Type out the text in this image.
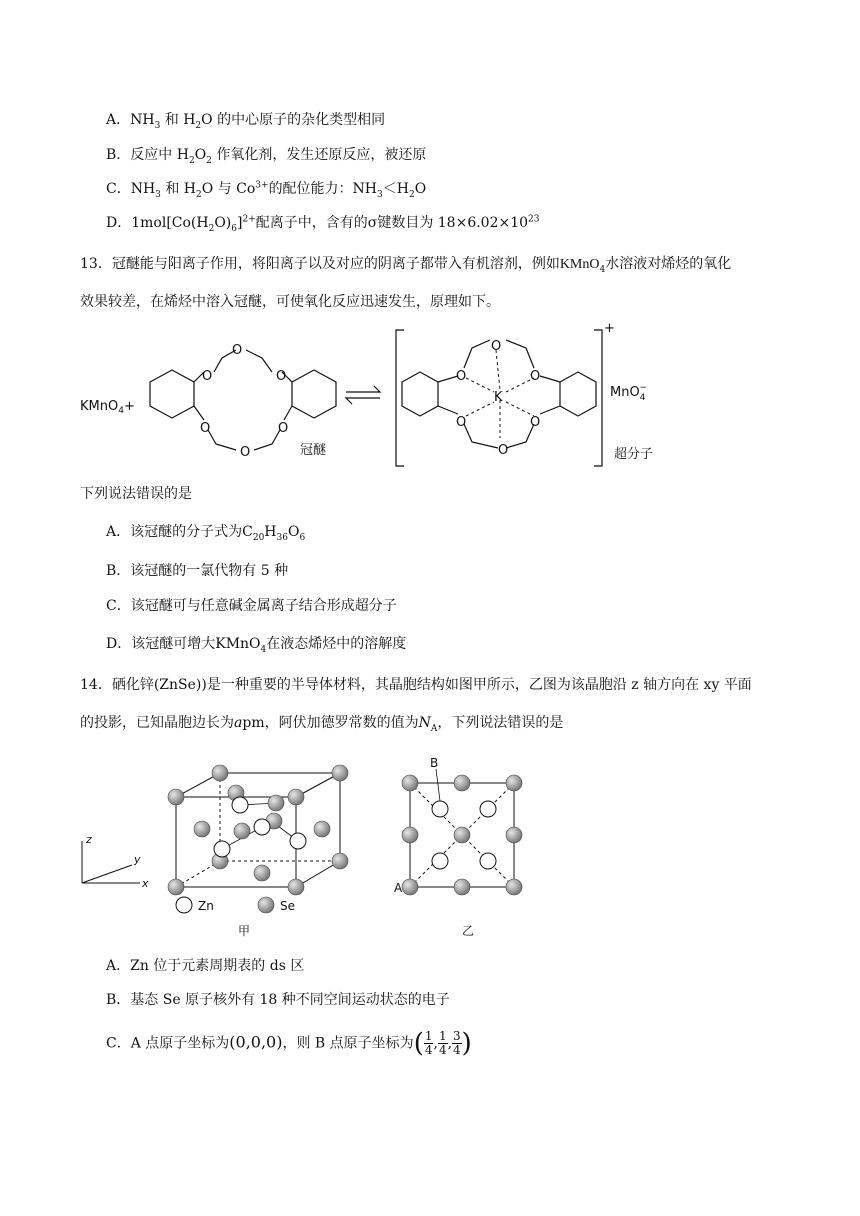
A．$NH_3$ 和 $H_2O$ 的中心原子的杂化类型相同
B．反应中 $H_2O_2$ 作氧化剂，发生还原反应，被还原
C．$NH_3$ 和 $H_2O$ 与 $Co^{3+}$的配位能力：$NH_3<H_2O$
D．$1mol[Co(H_2O)_6]^{2+}$配离子中，含有的σ键数目为 $18\times 6.02\times 10^{23}$
13．冠醚能与阳离子作用，将阳离子以及对应的阴离子都带入有机溶剂，例如KMnO$_4$水溶液对烯烃的氧化
效果较差，在烯烃中溶入冠醚，可使氧化反应迅速发生，原理如下。
KMnO$_4$+
O
O
O
O
O
O
冠醚
O
O	O
K
O	O
O
+
MnO$_4$−
超分子
下列说法错误的是
A．该冠醚的分子式为$C_{20}H_{36}O_6$
B．该冠醚的一氯代物有 5 种
C．该冠醚可与任意碱金属离子结合形成超分子
D．该冠醚可增大KMnO$_4$在液态烯烃中的溶解度
14．硒化锌(ZnSe))是一种重要的半导体材料，其晶胞结构如图甲所示，乙图为该晶胞沿 z 轴方向在 xy 平面
的投影，已知晶胞边长为apm，阿伏加德罗常数的值为$N_A$，下列说法错误的是
z
y
x
Zn	Se
甲
B
A
乙
A．Zn 位于元素周期表的 ds 区
B．基态 Se 原子核外有 18 种不同空间运动状态的电子
C．A 点原子坐标为(0,0,0)，则 B 点原子坐标为( $\frac{1}{4}$ , $\frac{1}{4}$ , $\frac{3}{4}$ )
